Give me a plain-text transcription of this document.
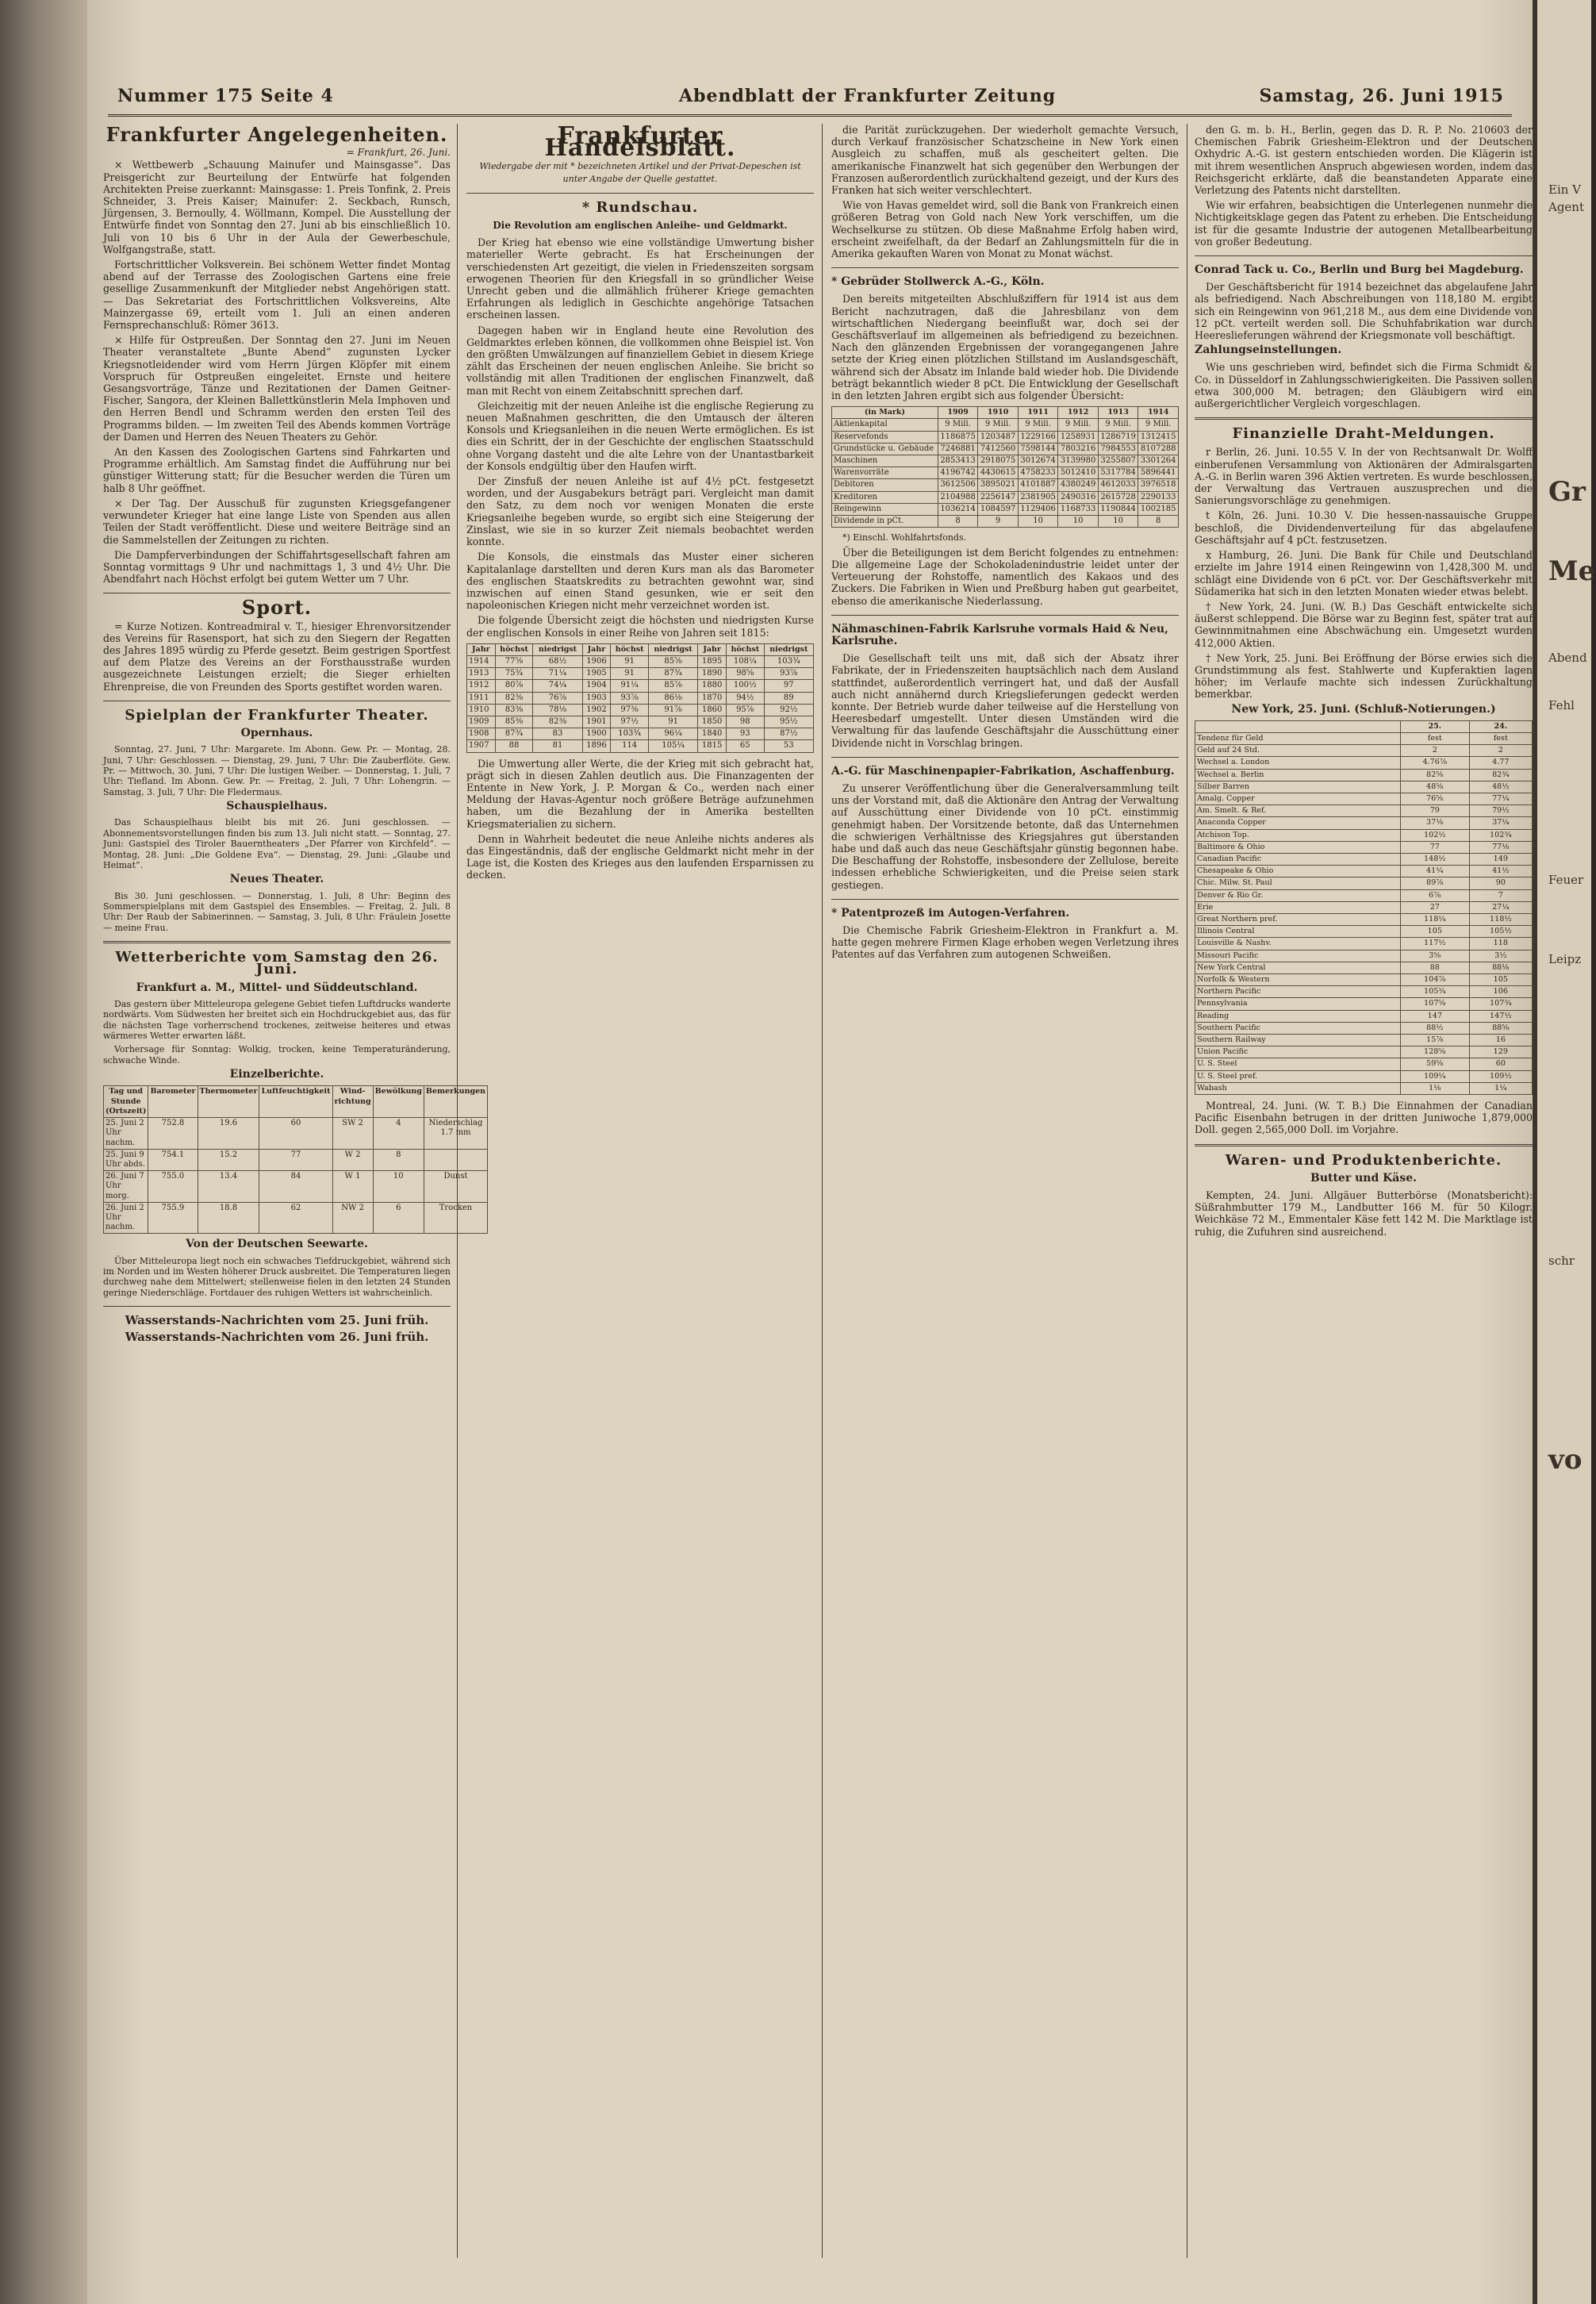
Nummer 175 Seite 4	Abendblatt der Frankfurter Zeitung	Samstag, 26. Juni 1915
Frankfurter Angelegenheiten.
= Frankfurt, 26. Juni.

× Wettbewerb „Schauung Mainufer und Mainsgasse“. Das Preisgericht zur Beurteilung der Entwürfe hat folgenden Architekten Preise zuerkannt: Mainsgasse: 1. Preis Tonfink, 2. Preis Schneider, 3. Preis Kaiser; Mainufer: 2. Seckbach, Runsch, Jürgensen, 3. Bernoully, 4. Wöllmann, Kompel. Die Ausstellung der Entwürfe findet von Sonntag den 27. Juni ab bis einschließlich 10. Juli von 10 bis 6 Uhr in der Aula der Gewerbeschule, Wolfgangstraße, statt.

Fortschrittlicher Volksverein. Bei schönem Wetter findet Montag abend auf der Terrasse des Zoologischen Gartens eine freie gesellige Zusammenkunft der Mitglieder nebst Angehörigen statt. — Das Sekretariat des Fortschrittlichen Volksvereins, Alte Mainzergasse 69, erteilt vom 1. Juli an einen anderen Fernsprechanschluß: Römer 3613.

× Hilfe für Ostpreußen. Der Sonntag den 27. Juni im Neuen Theater veranstaltete „Bunte Abend“ zugunsten Lycker Kriegsnotleidender wird vom Herrn Jürgen Klöpfer mit einem Vorspruch für Ostpreußen eingeleitet. Ernste und heitere Gesangsvorträge, Tänze und Rezitationen der Damen Geitner-Fischer, Sangora, der Kleinen Ballettkünstlerin Mela Imphoven und den Herren Bendl und Schramm werden den ersten Teil des Programms bilden. — Im zweiten Teil des Abends kommen Vorträge der Damen und Herren des Neuen Theaters zu Gehör.

An den Kassen des Zoologischen Gartens sind Fahrkarten und Programme erhältlich. Am Samstag findet die Aufführung nur bei günstiger Witterung statt; für die Besucher werden die Türen um halb 8 Uhr geöffnet.

× Der Tag. Der Ausschuß für zugunsten Kriegsgefangener verwundeter Krieger hat eine lange Liste von Spenden aus allen Teilen der Stadt veröffentlicht. Diese und weitere Beiträge sind an die Sammelstellen der Zeitungen zu richten.

Die Dampferverbindungen der Schiffahrtsgesellschaft fahren am Sonntag vormittags 9 Uhr und nachmittags 1, 3 und 4½ Uhr. Die Abendfahrt nach Höchst erfolgt bei gutem Wetter um 7 Uhr.

Sport.

= Kurze Notizen. Kontreadmiral v. T., hiesiger Ehrenvorsitzender des Vereins für Rasensport, hat sich zu den Siegern der Regatten des Jahres 1895 würdig zu Pferde gesetzt. Beim gestrigen Sportfest auf dem Platze des Vereins an der Forsthausstraße wurden ausgezeichnete Leistungen erzielt; die Sieger erhielten Ehrenpreise, die von Freunden des Sports gestiftet worden waren.

Spielplan der Frankfurter Theater.
Opernhaus.

Sonntag, 27. Juni, 7 Uhr: Margarete. Im Abonn. Gew. Pr. — Montag, 28. Juni, 7 Uhr: Geschlossen. — Dienstag, 29. Juni, 7 Uhr: Die Zauberflöte. Gew. Pr. — Mittwoch, 30. Juni, 7 Uhr: Die lustigen Weiber. — Donnerstag, 1. Juli, 7 Uhr: Tiefland. Im Abonn. Gew. Pr. — Freitag, 2. Juli, 7 Uhr: Lohengrin. — Samstag, 3. Juli, 7 Uhr: Die Fledermaus.

Schauspielhaus.

Das Schauspielhaus bleibt bis mit 26. Juni geschlossen. — Abonnementsvorstellungen finden bis zum 13. Juli nicht statt. — Sonntag, 27. Juni: Gastspiel des Tiroler Bauerntheaters „Der Pfarrer von Kirchfeld“. — Montag, 28. Juni: „Die Goldene Eva“. — Dienstag, 29. Juni: „Glaube und Heimat“.

Neues Theater.

Bis 30. Juni geschlossen. — Donnerstag, 1. Juli, 8 Uhr: Beginn des Sommerspielplans mit dem Gastspiel des Ensembles. — Freitag, 2. Juli, 8 Uhr: Der Raub der Sabinerinnen. — Samstag, 3. Juli, 8 Uhr: Fräulein Josette — meine Frau.

Wetterberichte vom Samstag den 26. Juni.
Frankfurt a. M., Mittel- und Süddeutschland.

Das gestern über Mitteleuropa gelegene Gebiet tiefen Luftdrucks wanderte nordwärts. Vom Südwesten her breitet sich ein Hochdruckgebiet aus, das für die nächsten Tage vorherrschend trockenes, zeitweise heiteres und etwas wärmeres Wetter erwarten läßt.

Vorhersage für Sonntag: Wolkig, trocken, keine Temperaturänderung, schwache Winde.

Einzelberichte.
Tag und Stunde (Ortszeit)	Barometer	Thermometer	Luftfeuchtigkeit	Wind-richtung	Bewölkung	Bemerkungen
25. Juni 2 Uhr nachm.	752.8	19.6	60	SW 2	4	Niederschlag 1.7 mm
25. Juni 9 Uhr abds.	754.1	15.2	77	W 2	8	
26. Juni 7 Uhr morg.	755.0	13.4	84	W 1	10	Dunst
26. Juni 2 Uhr nachm.	755.9	18.8	62	NW 2	6	Trocken
Von der Deutschen Seewarte.

Über Mitteleuropa liegt noch ein schwaches Tiefdruckgebiet, während sich im Norden und im Westen höherer Druck ausbreitet. Die Temperaturen liegen durchweg nahe dem Mittelwert; stellenweise fielen in den letzten 24 Stunden geringe Niederschläge. Fortdauer des ruhigen Wetters ist wahrscheinlich.

Wasserstands-Nachrichten vom 25. Juni früh.
Wasserstands-Nachrichten vom 26. Juni früh.
Frankfurter Handelsblatt.
Wiedergabe der mit * bezeichneten Artikel und der Privat-Depeschen ist unter Angabe der Quelle gestattet.
* Rundschau.
Die Revolution am englischen Anleihe- und Geldmarkt.

Der Krieg hat ebenso wie eine vollständige Umwertung bisher materieller Werte gebracht. Es hat Erscheinungen der verschiedensten Art gezeitigt, die vielen in Friedenszeiten sorgsam erwogenen Theorien für den Kriegsfall in so gründlicher Weise Unrecht geben und die allmählich früherer Kriege gemachten Erfahrungen als lediglich in Geschichte angehörige Tatsachen erscheinen lassen.

Dagegen haben wir in England heute eine Revolution des Geldmarktes erleben können, die vollkommen ohne Beispiel ist. Von den größten Umwälzungen auf finanziellem Gebiet in diesem Kriege zählt das Erscheinen der neuen englischen Anleihe. Sie bricht so vollständig mit allen Traditionen der englischen Finanzwelt, daß man mit Recht von einem Zeitabschnitt sprechen darf.

Gleichzeitig mit der neuen Anleihe ist die englische Regierung zu neuen Maßnahmen geschritten, die den Umtausch der älteren Konsols und Kriegsanleihen in die neuen Werte ermöglichen. Es ist dies ein Schritt, der in der Geschichte der englischen Staatsschuld ohne Vorgang dasteht und die alte Lehre von der Unantastbarkeit der Konsols endgültig über den Haufen wirft.

Der Zinsfuß der neuen Anleihe ist auf 4½ pCt. festgesetzt worden, und der Ausgabekurs beträgt pari. Vergleicht man damit den Satz, zu dem noch vor wenigen Monaten die erste Kriegsanleihe begeben wurde, so ergibt sich eine Steigerung der Zinslast, wie sie in so kurzer Zeit niemals beobachtet werden konnte.

Die Konsols, die einstmals das Muster einer sicheren Kapitalanlage darstellten und deren Kurs man als das Barometer des englischen Staatskredits zu betrachten gewohnt war, sind inzwischen auf einen Stand gesunken, wie er seit den napoleonischen Kriegen nicht mehr verzeichnet worden ist.

Die folgende Übersicht zeigt die höchsten und niedrigsten Kurse der englischen Konsols in einer Reihe von Jahren seit 1815:

Jahr	höchst	niedrigst	Jahr	höchst	niedrigst	Jahr	höchst	niedrigst
1914	77⅝	68½	1906	91	85⅝	1895	108¼	103¾
1913	75¾	71¼	1905	91	87¾	1890	98⅝	93⅞
1912	80⅞	74¼	1904	91¼	85⅞	1880	100½	97
1911	82⅜	76⅞	1903	93⅞	86⅛	1870	94½	89
1910	83⅜	78⅛	1902	97⅜	91⅞	1860	95⅞	92½
1909	85⅜	82⅜	1901	97½	91	1850	98	95½
1908	87¾	83	1900	103¾	96¼	1840	93	87½
1907	88	81	1896	114	105¼	1815	65	53

Die Umwertung aller Werte, die der Krieg mit sich gebracht hat, prägt sich in diesen Zahlen deutlich aus. Die Finanzagenten der Entente in New York, J. P. Morgan & Co., werden nach einer Meldung der Havas-Agentur noch größere Beträge aufzunehmen haben, um die Bezahlung der in Amerika bestellten Kriegsmaterialien zu sichern.

Denn in Wahrheit bedeutet die neue Anleihe nichts anderes als das Eingeständnis, daß der englische Geldmarkt nicht mehr in der Lage ist, die Kosten des Krieges aus den laufenden Ersparnissen zu decken.

die Parität zurückzugehen. Der wiederholt gemachte Versuch, durch Verkauf französischer Schatzscheine in New York einen Ausgleich zu schaffen, muß als gescheitert gelten. Die amerikanische Finanzwelt hat sich gegenüber den Werbungen der Franzosen außerordentlich zurückhaltend gezeigt, und der Kurs des Franken hat sich weiter verschlechtert.

Wie von Havas gemeldet wird, soll die Bank von Frankreich einen größeren Betrag von Gold nach New York verschiffen, um die Wechselkurse zu stützen. Ob diese Maßnahme Erfolg haben wird, erscheint zweifelhaft, da der Bedarf an Zahlungsmitteln für die in Amerika gekauften Waren von Monat zu Monat wächst.

* Gebrüder Stollwerck A.-G., Köln.

Den bereits mitgeteilten Abschlußziffern für 1914 ist aus dem Bericht nachzutragen, daß die Jahresbilanz von dem wirtschaftlichen Niedergang beeinflußt war, doch sei der Geschäftsverlauf im allgemeinen als befriedigend zu bezeichnen. Nach den glänzenden Ergebnissen der vorangegangenen Jahre setzte der Krieg einen plötzlichen Stillstand im Auslandsgeschäft, während sich der Absatz im Inlande bald wieder hob. Die Dividende beträgt bekanntlich wieder 8 pCt. Die Entwicklung der Gesellschaft in den letzten Jahren ergibt sich aus folgender Übersicht:

(in Mark)	1909	1910	1911	1912	1913	1914
Aktienkapital	9 Mill.	9 Mill.	9 Mill.	9 Mill.	9 Mill.	9 Mill.
Reservefonds	1186875	1203487	1229166	1258931	1286719	1312415
Grundstücke u. Gebäude	7246881	7412560	7598144	7803216	7984553	8107288
Maschinen	2853413	2918075	3012674	3139980	3255807	3301264
Warenvorräte	4196742	4430615	4758233	5012410	5317784	5896441
Debitoren	3612506	3895021	4101887	4380249	4612033	3976518
Kreditoren	2104988	2256147	2381905	2490316	2615728	2290133
Reingewinn	1036214	1084597	1129406	1168733	1190844	1002185
Dividende in pCt.	8	9	10	10	10	8

*) Einschl. Wohlfahrtsfonds.

Über die Beteiligungen ist dem Bericht folgendes zu entnehmen: Die allgemeine Lage der Schokoladenindustrie leidet unter der Verteuerung der Rohstoffe, namentlich des Kakaos und des Zuckers. Die Fabriken in Wien und Preßburg haben gut gearbeitet, ebenso die amerikanische Niederlassung.

Nähmaschinen-Fabrik Karlsruhe vormals Haid & Neu, Karlsruhe.

Die Gesellschaft teilt uns mit, daß sich der Absatz ihrer Fabrikate, der in Friedenszeiten hauptsächlich nach dem Ausland stattfindet, außerordentlich verringert hat, und daß der Ausfall auch nicht annähernd durch Kriegslieferungen gedeckt werden konnte. Der Betrieb wurde daher teilweise auf die Herstellung von Heeresbedarf umgestellt. Unter diesen Umständen wird die Verwaltung für das laufende Geschäftsjahr die Ausschüttung einer Dividende nicht in Vorschlag bringen.

A.-G. für Maschinenpapier-Fabrikation, Aschaffenburg.

Zu unserer Veröffentlichung über die Generalversammlung teilt uns der Vorstand mit, daß die Aktionäre den Antrag der Verwaltung auf Ausschüttung einer Dividende von 10 pCt. einstimmig genehmigt haben. Der Vorsitzende betonte, daß das Unternehmen die schwierigen Verhältnisse des Kriegsjahres gut überstanden habe und daß auch das neue Geschäftsjahr günstig begonnen habe. Die Beschaffung der Rohstoffe, insbesondere der Zellulose, bereite indessen erhebliche Schwierigkeiten, und die Preise seien stark gestiegen.

* Patentprozeß im Autogen-Verfahren.

Die Chemische Fabrik Griesheim-Elektron in Frankfurt a. M. hatte gegen mehrere Firmen Klage erhoben wegen Verletzung ihres Patentes auf das Verfahren zum autogenen Schweißen.

den G. m. b. H., Berlin, gegen das D. R. P. No. 210603 der Chemischen Fabrik Griesheim-Elektron und der Deutschen Oxhydric A.-G. ist gestern entschieden worden. Die Klägerin ist mit ihrem wesentlichen Anspruch abgewiesen worden, indem das Reichsgericht erklärte, daß die beanstandeten Apparate eine Verletzung des Patents nicht darstellten.

Wie wir erfahren, beabsichtigen die Unterlegenen nunmehr die Nichtigkeitsklage gegen das Patent zu erheben. Die Entscheidung ist für die gesamte Industrie der autogenen Metallbearbeitung von großer Bedeutung.

Conrad Tack u. Co., Berlin und Burg bei Magdeburg.

Der Geschäftsbericht für 1914 bezeichnet das abgelaufene Jahr als befriedigend. Nach Abschreibungen von 118,180 M. ergibt sich ein Reingewinn von 961,218 M., aus dem eine Dividende von 12 pCt. verteilt werden soll. Die Schuhfabrikation war durch Heereslieferungen während der Kriegsmonate voll beschäftigt.

Zahlungseinstellungen.

Wie uns geschrieben wird, befindet sich die Firma Schmidt & Co. in Düsseldorf in Zahlungsschwierigkeiten. Die Passiven sollen etwa 300,000 M. betragen; den Gläubigern wird ein außergerichtlicher Vergleich vorgeschlagen.

Finanzielle Draht-Meldungen.

r Berlin, 26. Juni. 10.55 V. In der von Rechtsanwalt Dr. Wolff einberufenen Versammlung von Aktionären der Admiralsgarten A.-G. in Berlin waren 396 Aktien vertreten. Es wurde beschlossen, der Verwaltung das Vertrauen auszusprechen und die Sanierungsvorschläge zu genehmigen.

t Köln, 26. Juni. 10.30 V. Die hessen-nassauische Gruppe beschloß, die Dividendenverteilung für das abgelaufene Geschäftsjahr auf 4 pCt. festzusetzen.

x Hamburg, 26. Juni. Die Bank für Chile und Deutschland erzielte im Jahre 1914 einen Reingewinn von 1,428,300 M. und schlägt eine Dividende von 6 pCt. vor. Der Geschäftsverkehr mit Südamerika hat sich in den letzten Monaten wieder etwas belebt.

† New York, 24. Juni. (W. B.) Das Geschäft entwickelte sich äußerst schleppend. Die Börse war zu Beginn fest, später trat auf Gewinnmitnahmen eine Abschwächung ein. Umgesetzt wurden 412,000 Aktien.

† New York, 25. Juni. Bei Eröffnung der Börse erwies sich die Grundstimmung als fest. Stahlwerte und Kupferaktien lagen höher; im Verlaufe machte sich indessen Zurückhaltung bemerkbar.

New York, 25. Juni. (Schluß-Notierungen.)
	25.	24.
Tendenz für Geld	fest	fest
Geld auf 24 Std.	2	2
Wechsel a. London	4.76⅞	4.77
Wechsel a. Berlin	82⅝	82¾
Silber Barren	48⅝	48½
Amalg. Copper	76⅝	77¼
Am. Smelt. & Ref.	79	79½
Anaconda Copper	37⅛	37¼
Atchison Top.	102½	102¾
Baltimore & Ohio	77	77⅛
Canadian Pacific	148½	149
Chesapeake & Ohio	41¼	41½
Chic. Milw. St. Paul	89⅞	90
Denver & Rio Gr.	6⅞	7
Erie	27	27¼
Great Northern pref.	118¼	118½
Illinois Central	105	105½
Louisville & Nashv.	117½	118
Missouri Pacific	3⅝	3½
New York Central	88	88⅛
Norfolk & Western	104⅞	105
Northern Pacific	105¾	106
Pennsylvania	107⅝	107¾
Reading	147	147½
Southern Pacific	88½	88⅝
Southern Railway	15⅞	16
Union Pacific	128⅝	129
U. S. Steel	59⅝	60
U. S. Steel pref.	109¼	109½
Wabash	1⅛	1¼

Montreal, 24. Juni. (W. T. B.) Die Einnahmen der Canadian Pacific Eisenbahn betrugen in der dritten Juniwoche 1,879,000 Doll. gegen 2,565,000 Doll. im Vorjahre.

Waren- und Produktenberichte.
Butter und Käse.

Kempten, 24. Juni. Allgäuer Butterbörse (Monatsbericht): Süßrahmbutter 179 M., Landbutter 166 M. für 50 Kilogr. Weichkäse 72 M., Emmentaler Käse fett 142 M. Die Marktlage ist ruhig, die Zufuhren sind ausreichend.

Ein V
Agent
Gr
Me
Abend
Fehl
Feuer
Leipz
schr
vo
